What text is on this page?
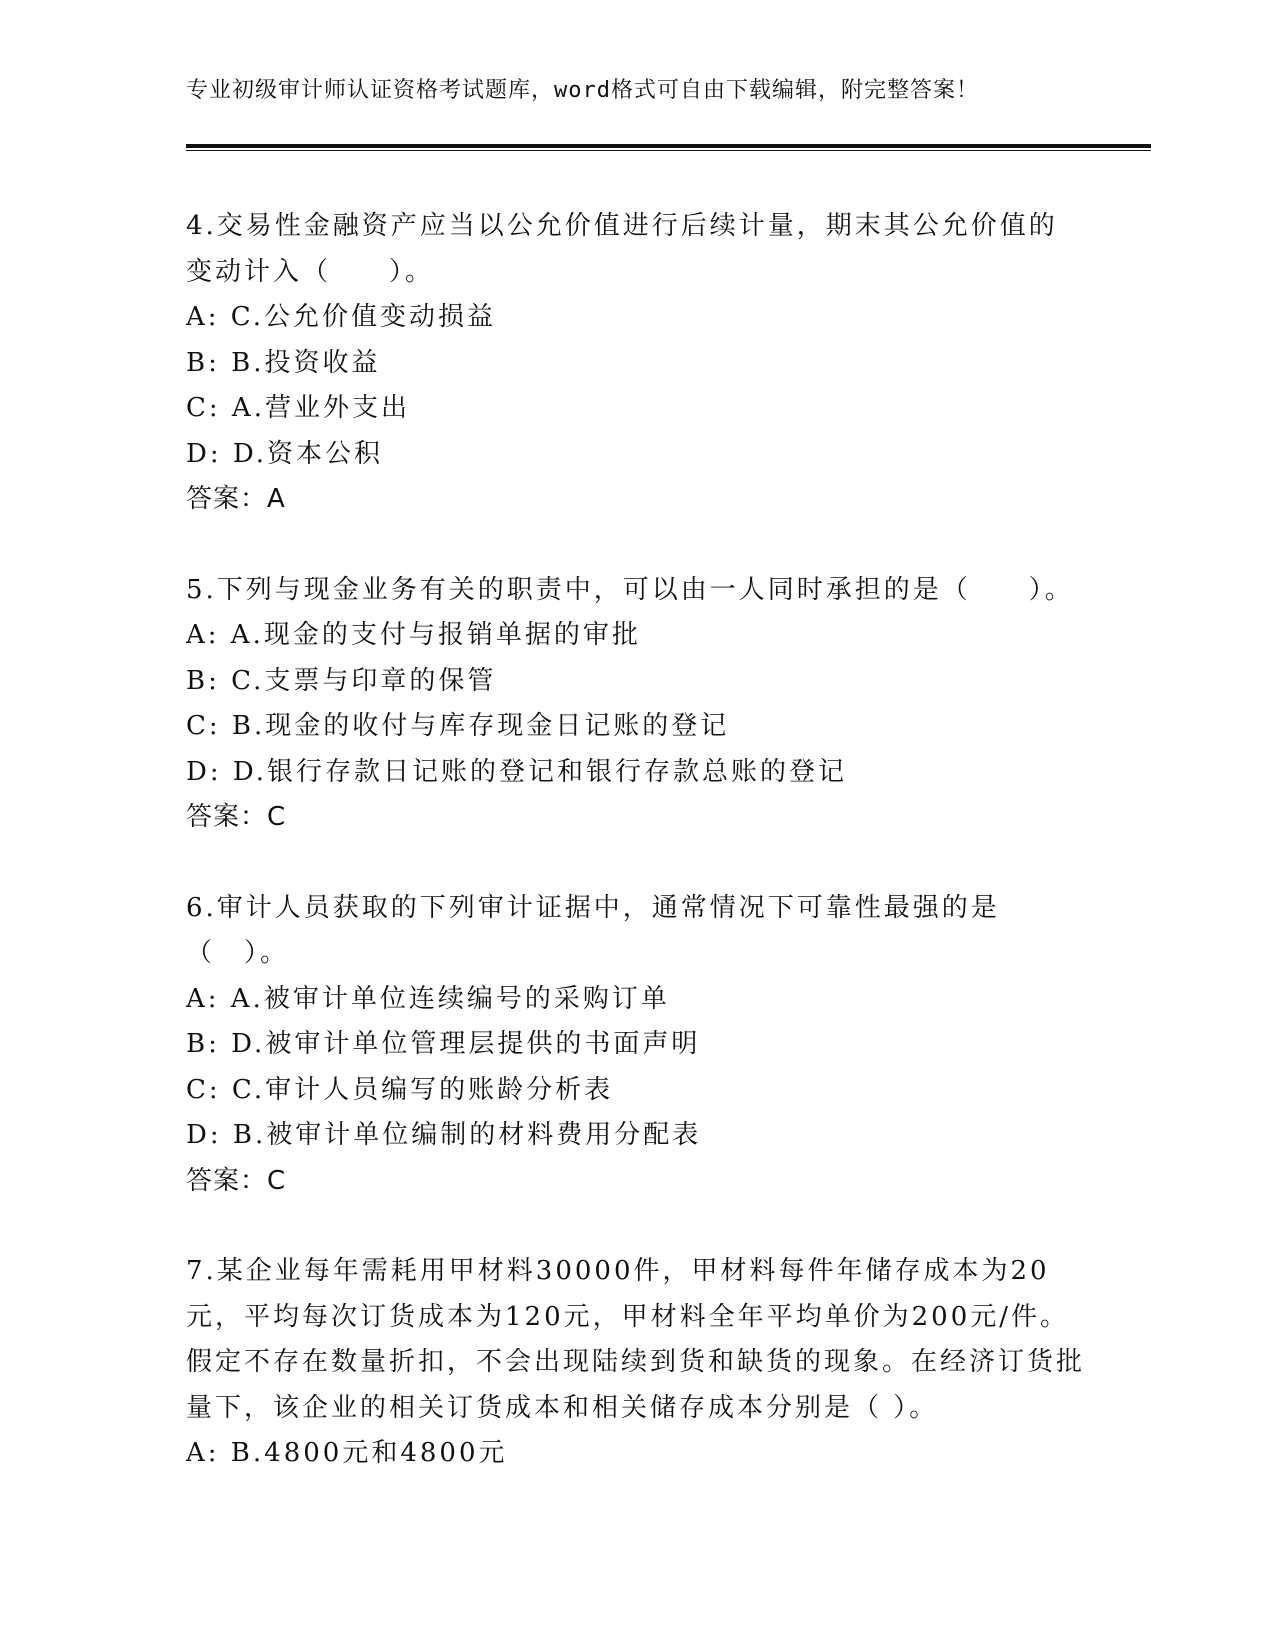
专业初级审计师认证资格考试题库，word格式可自由下载编辑，附完整答案！

4.交易性金融资产应当以公允价值进行后续计量，期末其公允价值的变动计入（　　）。

A: C.公允价值变动损益

B: B.投资收益

C: A.营业外支出

D: D.资本公积

答案：A

5.下列与现金业务有关的职责中，可以由一人同时承担的是（　　）。

A: A.现金的支付与报销单据的审批

B: C.支票与印章的保管

C: B.现金的收付与库存现金日记账的登记

D: D.银行存款日记账的登记和银行存款总账的登记

答案：C

6.审计人员获取的下列审计证据中，通常情况下可靠性最强的是（　）。

A: A.被审计单位连续编号的采购订单

B: D.被审计单位管理层提供的书面声明

C: C.审计人员编写的账龄分析表

D: B.被审计单位编制的材料费用分配表

答案：C

7.某企业每年需耗用甲材料30000件，甲材料每件年储存成本为20元，平均每次订货成本为120元，甲材料全年平均单价为200元/件。假定不存在数量折扣，不会出现陆续到货和缺货的现象。在经济订货批量下，该企业的相关订货成本和相关储存成本分别是（ ）。

A: B.4800元和4800元
